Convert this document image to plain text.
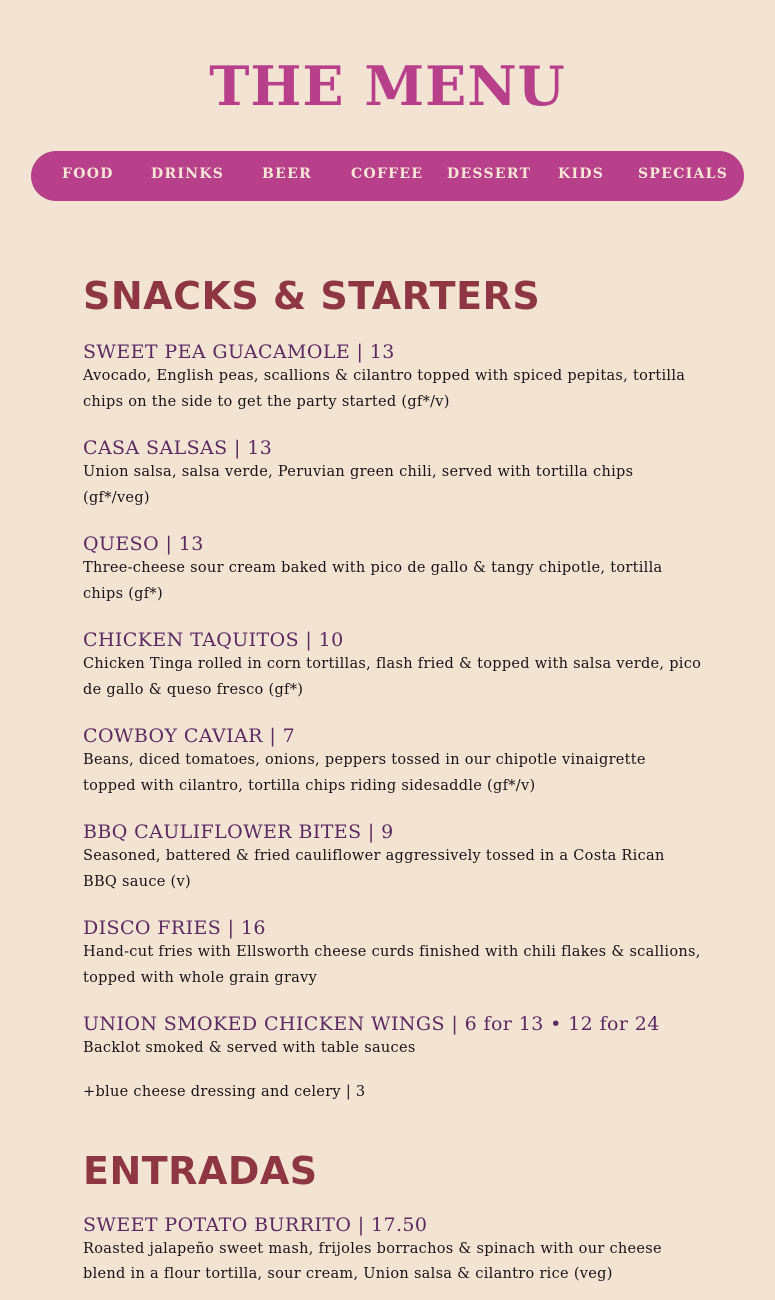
THE MENU
FOOD	DRINKS	BEER	COFFEE DESSERT KIDS SPECIALS
SNACKS & STARTERS
SWEET PEA GUACAMOLE | 13
Avocado, English peas, scallions & cilantro topped with spiced pepitas, tortilla chips on the side to get the party started (gf*/v)
CASA SALSAS | 13
Union salsa, salsa verde, Peruvian green chili, served with tortilla chips (gf*/veg)
QUESO | 13
Three-cheese sour cream baked with pico de gallo & tangy chipotle, tortilla chips (gf*)
CHICKEN TAQUITOS | 10
Chicken Tinga rolled in corn tortillas, flash fried & topped with salsa verde, pico de gallo & queso fresco (gf*)
COWBOY CAVIAR | 7
Beans, diced tomatoes, onions, peppers tossed in our chipotle vinaigrette topped with cilantro, tortilla chips riding sidesaddle (gf*/v)
BBQ CAULIFLOWER BITES | 9
Seasoned, battered & fried cauliflower aggressively tossed in a Costa Rican BBQ sauce (v)
DISCO FRIES | 16
Hand-cut fries with Ellsworth cheese curds finished with chili flakes & scallions, topped with whole grain gravy
UNION SMOKED CHICKEN WINGS | 6 for 13 • 12 for 24
Backlot smoked & served with table sauces
+blue cheese dressing and celery | 3
ENTRADAS
SWEET POTATO BURRITO | 17.50
Roasted jalapeño sweet mash, frijoles borrachos & spinach with our cheese blend in a flour tortilla, sour cream, Union salsa & cilantro rice (veg)
